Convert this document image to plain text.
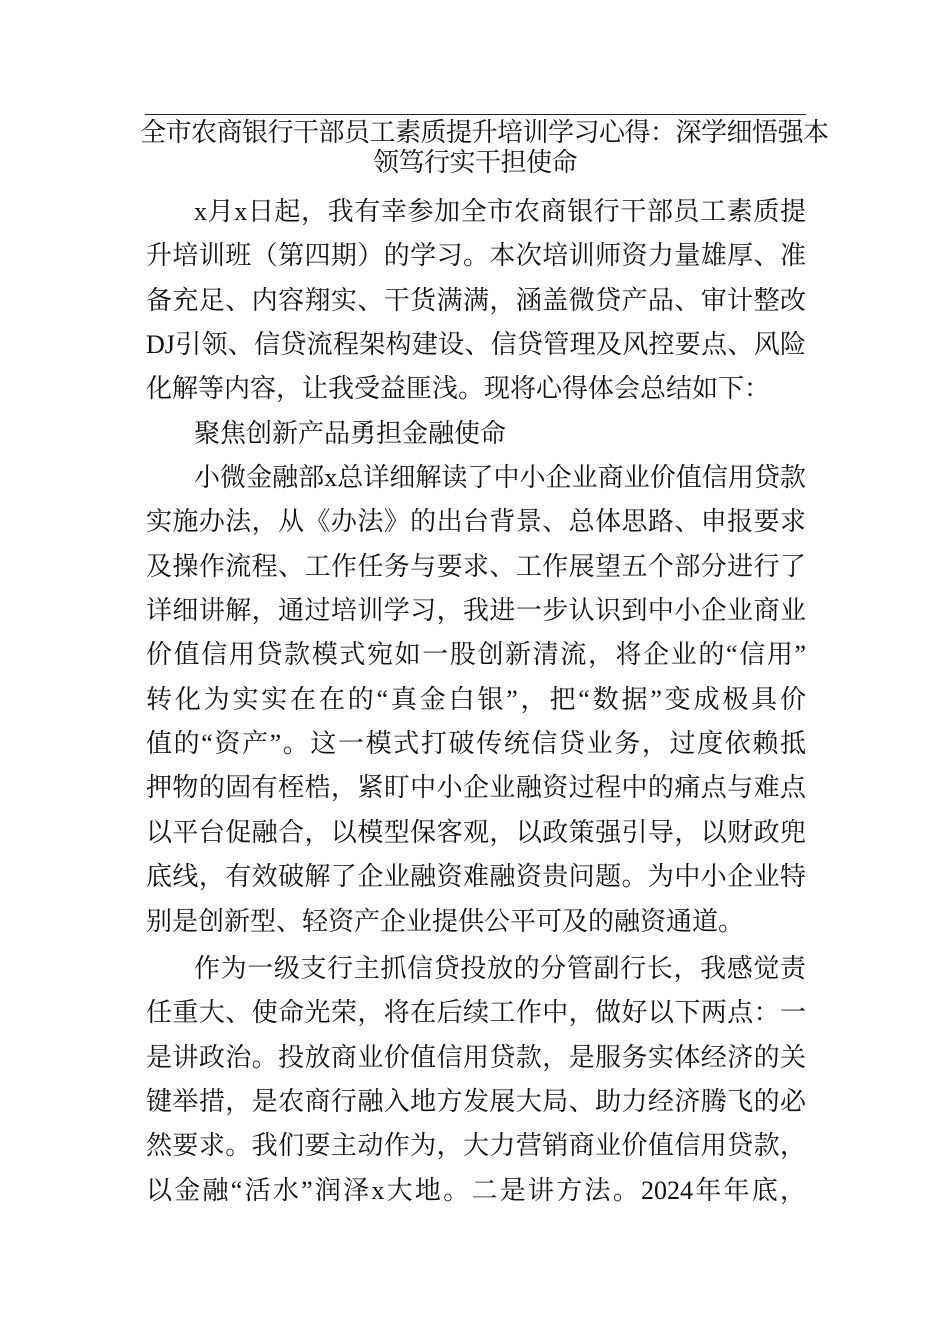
全市农商银行干部员工素质提升培训学习心得：深学细悟强本
领笃行实干担使命
x月x日起，我有幸参加全市农商银行干部员工素质提
升培训班（第四期）的学习。本次培训师资力量雄厚、准
备充足、内容翔实、干货满满，涵盖微贷产品、审计整改
DJ引领、信贷流程架构建设、信贷管理及风控要点、风险
化解等内容，让我受益匪浅。现将心得体会总结如下：
聚焦创新产品勇担金融使命
小微金融部x总详细解读了中小企业商业价值信用贷款
实施办法，从《办法》的出台背景、总体思路、申报要求
及操作流程、工作任务与要求、工作展望五个部分进行了
详细讲解，通过培训学习，我进一步认识到中小企业商业
价值信用贷款模式宛如一股创新清流，将企业的“信用”
转化为实实在在的“真金白银”，把“数据”变成极具价
值的“资产”。这一模式打破传统信贷业务，过度依赖抵
押物的固有桎梏，紧盯中小企业融资过程中的痛点与难点
以平台促融合，以模型保客观，以政策强引导，以财政兜
底线，有效破解了企业融资难融资贵问题。为中小企业特
别是创新型、轻资产企业提供公平可及的融资通道。
作为一级支行主抓信贷投放的分管副行长，我感觉责
任重大、使命光荣，将在后续工作中，做好以下两点：一
是讲政治。投放商业价值信用贷款，是服务实体经济的关
键举措，是农商行融入地方发展大局、助力经济腾飞的必
然要求。我们要主动作为，大力营销商业价值信用贷款，
以金融“活水”润泽x大地。二是讲方法。2024年年底，
